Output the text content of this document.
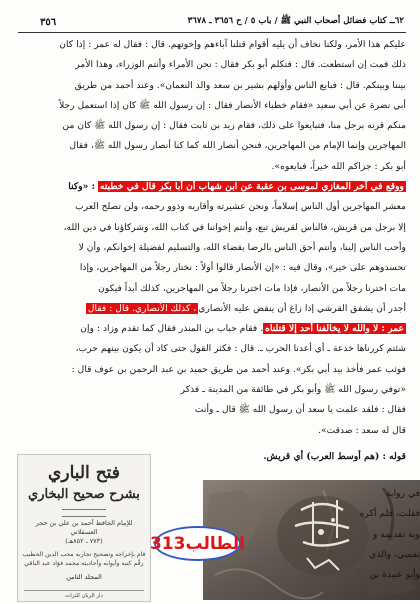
٣٥٦	٦٢ــ كتاب فضائل أصحاب النبي ﷺ / باب ٥ / ح ٣٦٥٦ ـ ٣٦٧٨
عليكم هذا الأمر، ولكنا نخاف أن يليه أقوام قتلنا آباءهم وإخوتهم. قال : فقال له عمر : إذا كان
ذلك فمت إن استطعت. قال : فتكلم أبو بكر فقال : نحن الأمراء وأنتم الوزراء، وهذا الأمر
بيننا وبينكم. قال : فبايع الناس وأولهم بشير بن سعد والد النعمان». وعند أحمد من طريق
أبي نضرة عن أبي سعيد «فقام خطباء الأنصار فقال : إن رسول الله ﷺ كان إذا استعمل رجلاً
منكم قرنه برجل منا، فتبايعوا على ذلك، فقام زيد بن ثابت فقال : إن رسول الله ﷺ كان من
المهاجرين وإنما الإمام من المهاجرين، فنحن أنصار الله كما كنا أنصار رسول الله ﷺ، فقال
أبو بكر : جزاكم الله خيراً، فبايعوه».
ووقع في آخر المغازي لموسى بن عقبة عن ابن شهاب أن أبا بكر قال في خطبته : «وكنا
معشر المهاجرين أول الناس إسلاماً، ونحن عشيرته وأقاربه وذوو رحمه، ولن تصلح العرب
إلا برجل من قريش، فالناس لقريش تبع، وأنتم إخواننا في كتاب الله، وشركاؤنا في دين الله،
وأحب الناس إلينا، وأنتم أحق الناس بالرضا بقضاء الله، والتسليم لفضيلة إخوانكم، وأن لا
تحسدوهم على خير»، وقال فيه : «إن الأنصار قالوا أولاً : نختار رجلاً من المهاجرين، وإذا
مات اخترنا رجلاً من الأنصار، فإذا مات اخترنا رجلاً من المهاجرين، كذلك أبداً فيكون
أجدر أن يشفق القرشي إذا زاغ أن ينقض عليه الأنصاري، كذلك الأنصاري. قال : فقال
عمر : لا والله لا يخالفنا أحد إلا قتلناه. فقام حباب بن المنذر فقال كما تقدم وزاد : وإن
شئتم كررناها خدعة ـ أي أعدنا الحرب ـ. قال : فكثر القول حتى كاد أن يكون بينهم حرب،
فوثب عمر فأخذ بيد أبي بكر». وعند أحمد من طريق حميد بن عبد الرحمن بن عوف قال :
«توفي رسول الله ﷺ وأبو بكر في طائفة من المدينة ـ فذكر
فقال : فلقد علمت يا سعد أن رسول الله ﷺ قال ـ وأنت
قال له سعد : صدقت».
قوله : (هم أوسط العرب) أي قريش.
فتح الباري
بشرح صحيح البخاري
للإمام الحافظ أحمد بن علي بن حجر العسقلاني
(٧٧٣ ـ ٨٥٢هـ)
قام بإخراجه وتصحيح تجاربه محب الدين الخطيب
رقّم كتبه وأبوابه وأحاديثه محمد فؤاد عبد الباقي
المجلد الثامن
دار الريان للتراث
في رواية
فقلت، فلم أكره
وبة تقديمه و
نفسي، والذي
وأبو عبيدة بن
الطالب313
